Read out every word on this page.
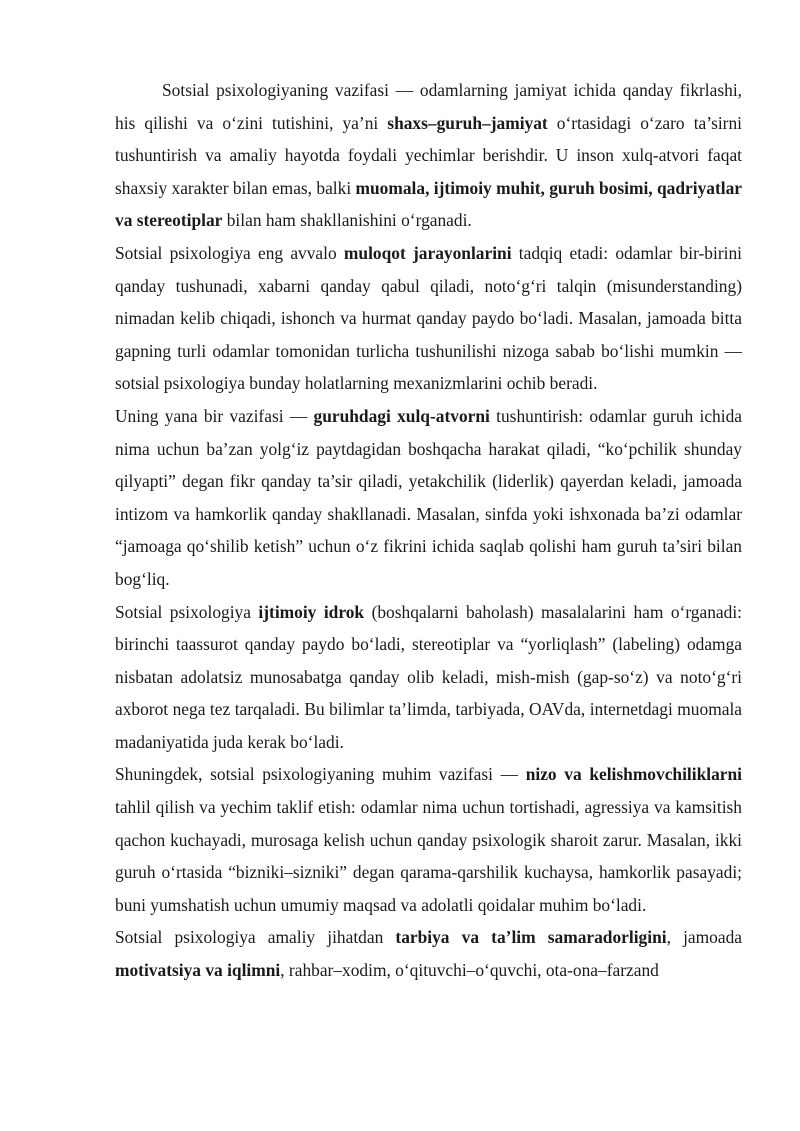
Sotsial psixologiyaning vazifasi — odamlarning jamiyat ichida qanday fikrlashi, his qilishi va o‘zini tutishini, ya’ni shaxs–guruh–jamiyat o‘rtasidagi o‘zaro ta’sirni tushuntirish va amaliy hayotda foydali yechimlar berishdir. U inson xulq-atvori faqat shaxsiy xarakter bilan emas, balki muomala, ijtimoiy muhit, guruh bosimi, qadriyatlar va stereotiplar bilan ham shakllanishini o‘rganadi.

Sotsial psixologiya eng avvalo muloqot jarayonlarini tadqiq etadi: odamlar bir-birini qanday tushunadi, xabarni qanday qabul qiladi, noto‘g‘ri talqin (misunderstanding) nimadan kelib chiqadi, ishonch va hurmat qanday paydo bo‘ladi. Masalan, jamoada bitta gapning turli odamlar tomonidan turlicha tushunilishi nizoga sabab bo‘lishi mumkin — sotsial psixologiya bunday holatlarning mexanizmlarini ochib beradi.

Uning yana bir vazifasi — guruhdagi xulq-atvorni tushuntirish: odamlar guruh ichida nima uchun ba’zan yolg‘iz paytdagidan boshqacha harakat qiladi, “ko‘pchilik shunday qilyapti” degan fikr qanday ta’sir qiladi, yetakchilik (liderlik) qayerdan keladi, jamoada intizom va hamkorlik qanday shakllanadi. Masalan, sinfda yoki ishxonada ba’zi odamlar “jamoaga qo‘shilib ketish” uchun o‘z fikrini ichida saqlab qolishi ham guruh ta’siri bilan bog‘liq.

Sotsial psixologiya ijtimoiy idrok (boshqalarni baholash) masalalarini ham o‘rganadi: birinchi taassurot qanday paydo bo‘ladi, stereotiplar va “yorliqlash” (labeling) odamga nisbatan adolatsiz munosabatga qanday olib keladi, mish-mish (gap-so‘z) va noto‘g‘ri axborot nega tez tarqaladi. Bu bilimlar ta’limda, tarbiyada, OAVda, internetdagi muomala madaniyatida juda kerak bo‘ladi.

Shuningdek, sotsial psixologiyaning muhim vazifasi — nizo va kelishmovchiliklarni tahlil qilish va yechim taklif etish: odamlar nima uchun tortishadi, agressiya va kamsitish qachon kuchayadi, murosaga kelish uchun qanday psixologik sharoit zarur. Masalan, ikki guruh o‘rtasida “bizniki–sizniki” degan qarama-qarshilik kuchaysa, hamkorlik pasayadi; buni yumshatish uchun umumiy maqsad va adolatli qoidalar muhim bo‘ladi.

Sotsial psixologiya amaliy jihatdan tarbiya va ta’lim samaradorligini, jamoada motivatsiya va iqlimni, rahbar–xodim, o‘qituvchi–o‘quvchi, ota-ona–farzand
